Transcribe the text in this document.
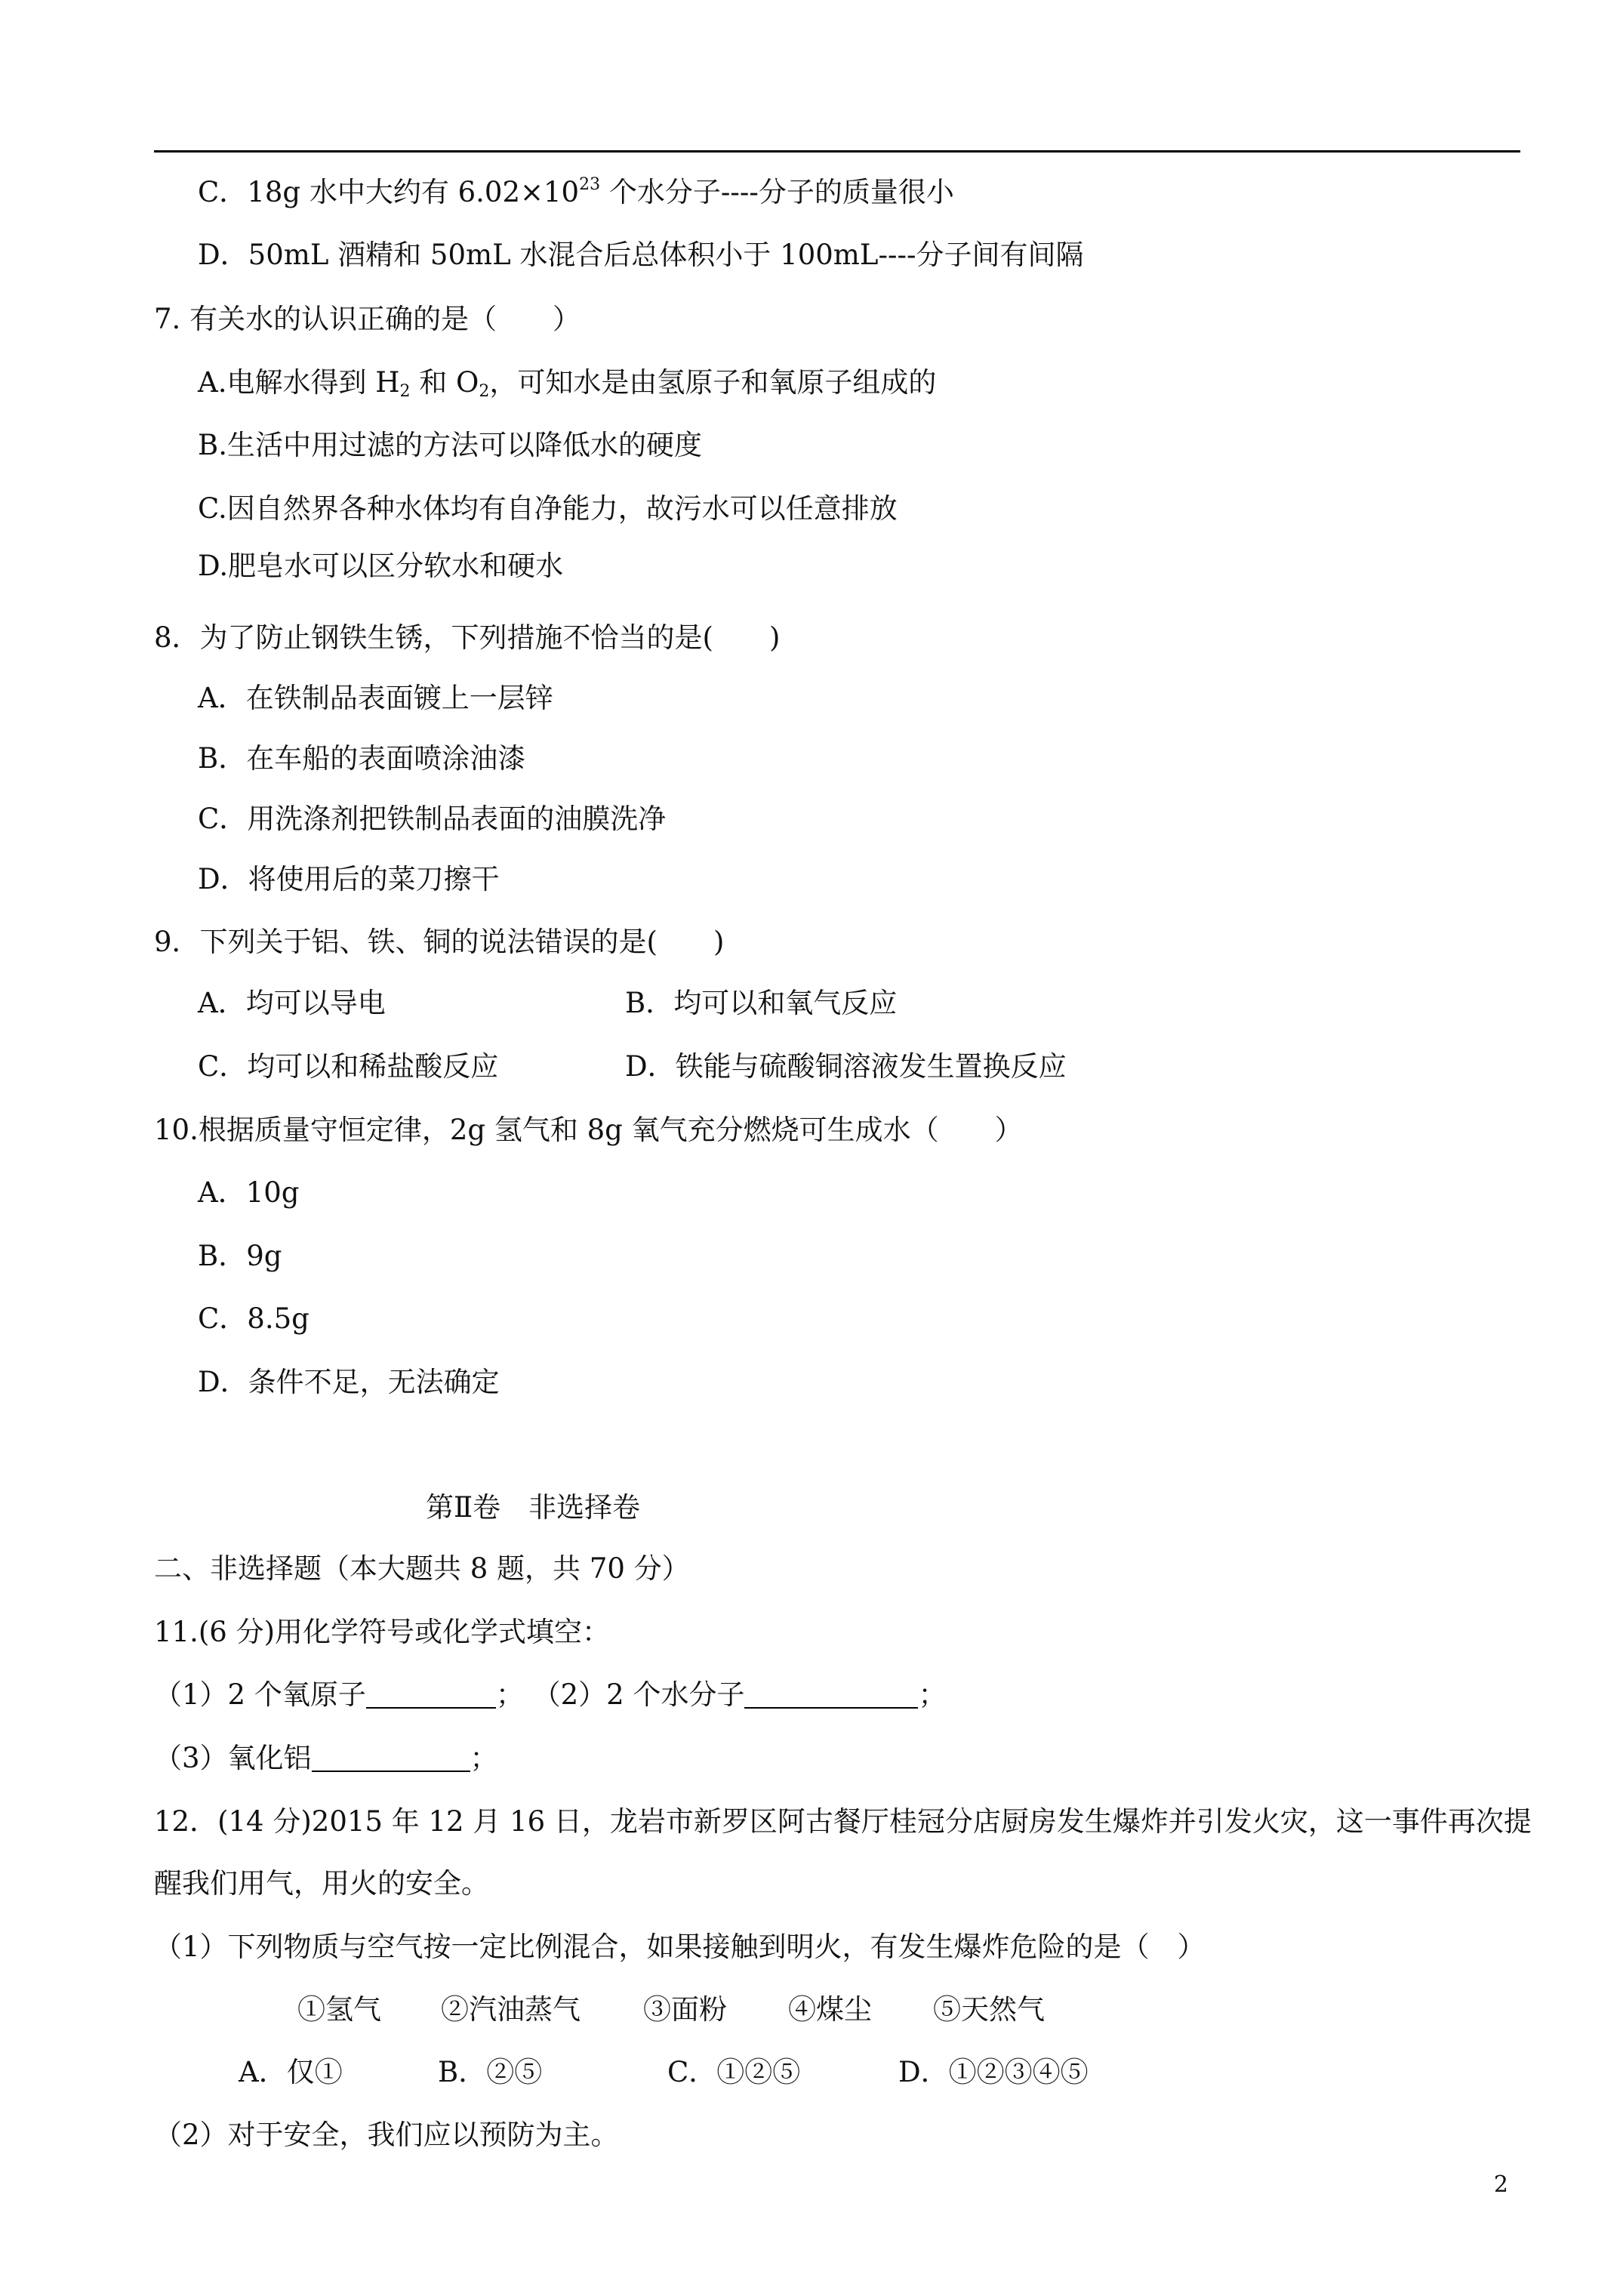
C．18g 水中大约有 $6.02\times 10^{23}$ 个水分子----分子的质量很小
D．50mL 酒精和 50mL 水混合后总体积小于 100mL----分子间有间隔
7. 有关水的认识正确的是（　　）
A.电解水得到 $H_2$ 和 $O_2$，可知水是由氢原子和氧原子组成的
B.生活中用过滤的方法可以降低水的硬度
C.因自然界各种水体均有自净能力，故污水可以任意排放
D.肥皂水可以区分软水和硬水
8．为了防止钢铁生锈，下列措施不恰当的是(　　)
A．在铁制品表面镀上一层锌
B．在车船的表面喷涂油漆
C．用洗涤剂把铁制品表面的油膜洗净
D．将使用后的菜刀擦干
9．下列关于铝、铁、铜的说法错误的是(　　)
A．均可以导电	B．均可以和氧气反应
C．均可以和稀盐酸反应	D．铁能与硫酸铜溶液发生置换反应
10.根据质量守恒定律，2g 氢气和 8g 氧气充分燃烧可生成水（　　）
A．10g
B．9g
C．8.5g
D．条件不足，无法确定
第Ⅱ卷　非选择卷
二、非选择题（本大题共 8 题，共 70 分）
11.(6 分)用化学符号或化学式填空：
（1）2 个氧原子	； （2）2 个水分子	；
（3）氧化铝	；
12．(14 分)2015 年 12 月 16 日，龙岩市新罗区阿古餐厅桂冠分店厨房发生爆炸并引发火灾，这一事件再次提
醒我们用气，用火的安全。
（1）下列物质与空气按一定比例混合，如果接触到明火，有发生爆炸危险的是（　）
①氢气 ②汽油蒸气 ③面粉 ④煤尘 ⑤天然气
A．仅①	B．②⑤	C．①②⑤	D．①②③④⑤
（2）对于安全，我们应以预防为主。
2
